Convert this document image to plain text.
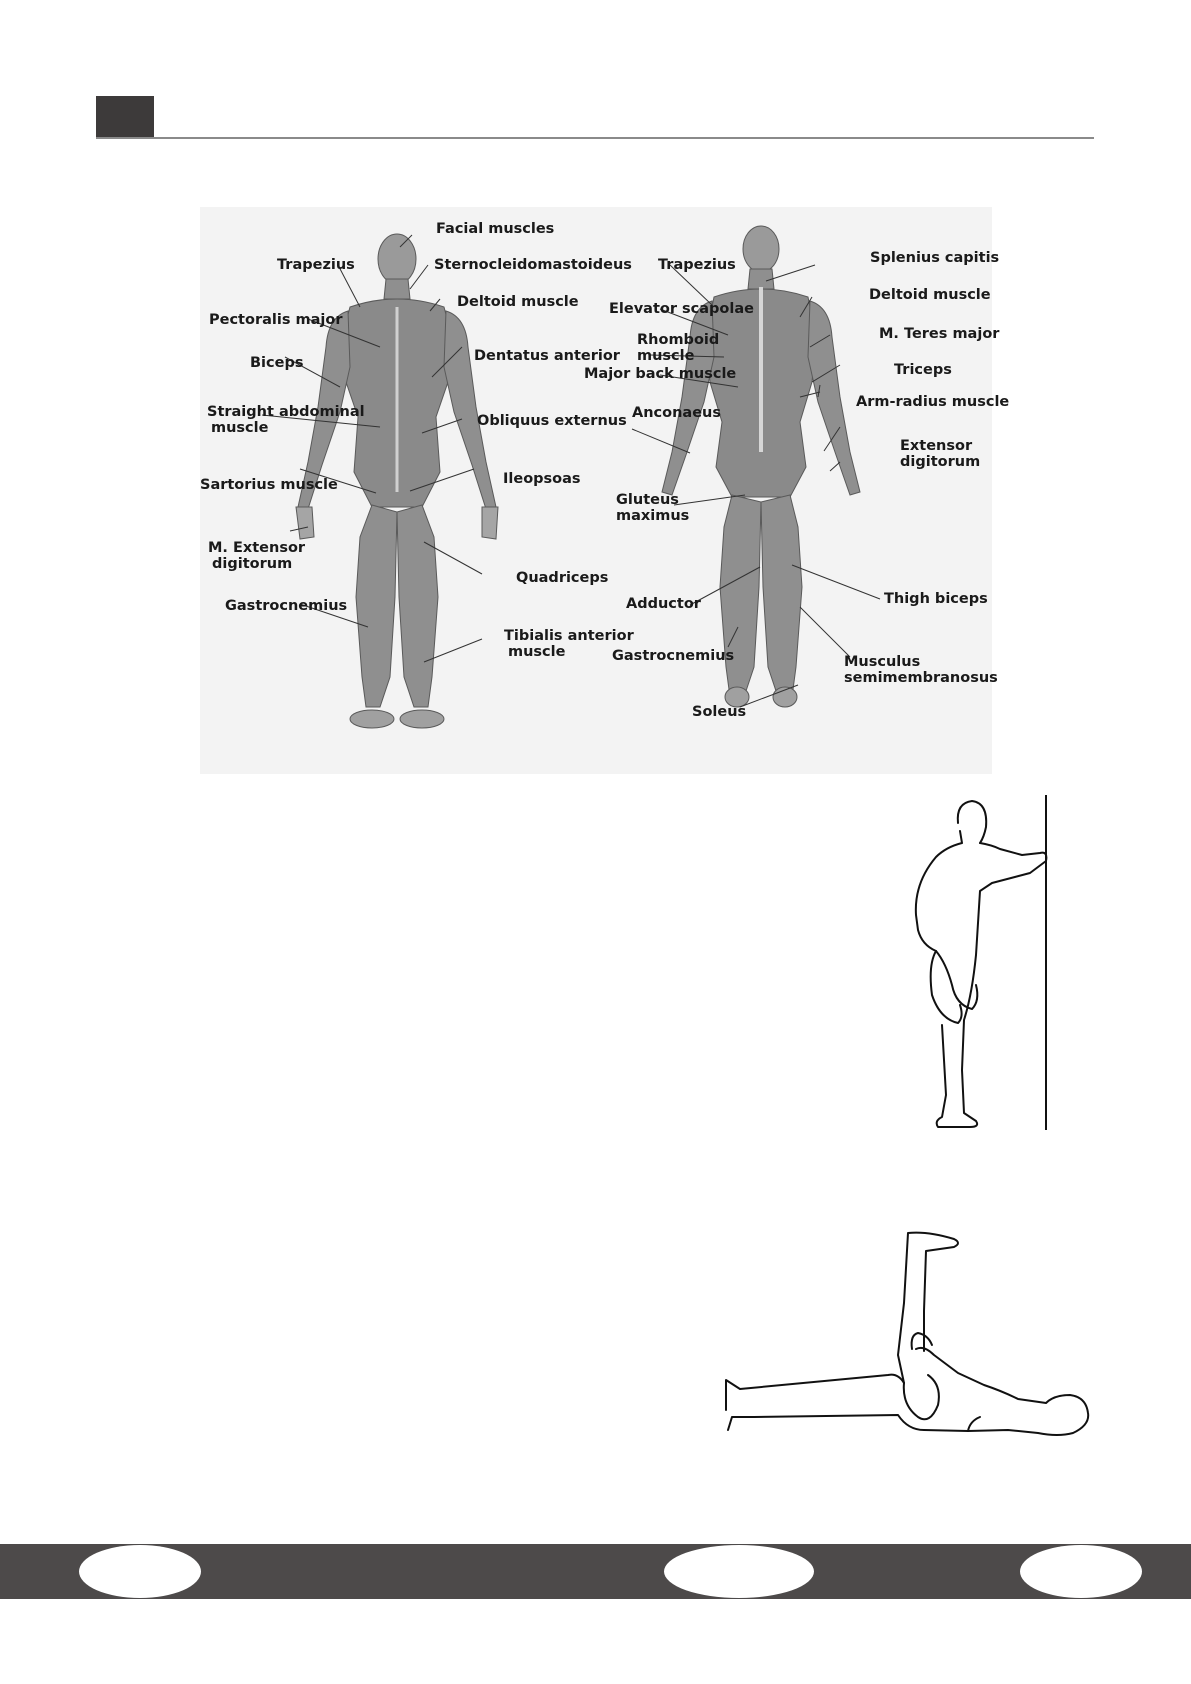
Facial muscles
Trapezius	Sternocleidomastoideus
Deltoid muscle
Pectoralis major
Dentatus anterior
Biceps
Straight abdominal
muscle	Obliquus externus
Sartorius muscle	Ileopsoas
M. Extensor
digitorum
Quadriceps
Gastrocnemius
Tibialis anterior
muscle
Trapezius	Splenius capitis
Deltoid muscle
Elevator scapolae
M. Teres major
Rhomboid
muscle
Major back muscle	Triceps
Arm-radius muscle
Anconaeus
Extensor
digitorum
Gluteus
maximus
Adductor	Thigh biceps
Gastrocnemius	Musculus
semimembranosus
Soleus
